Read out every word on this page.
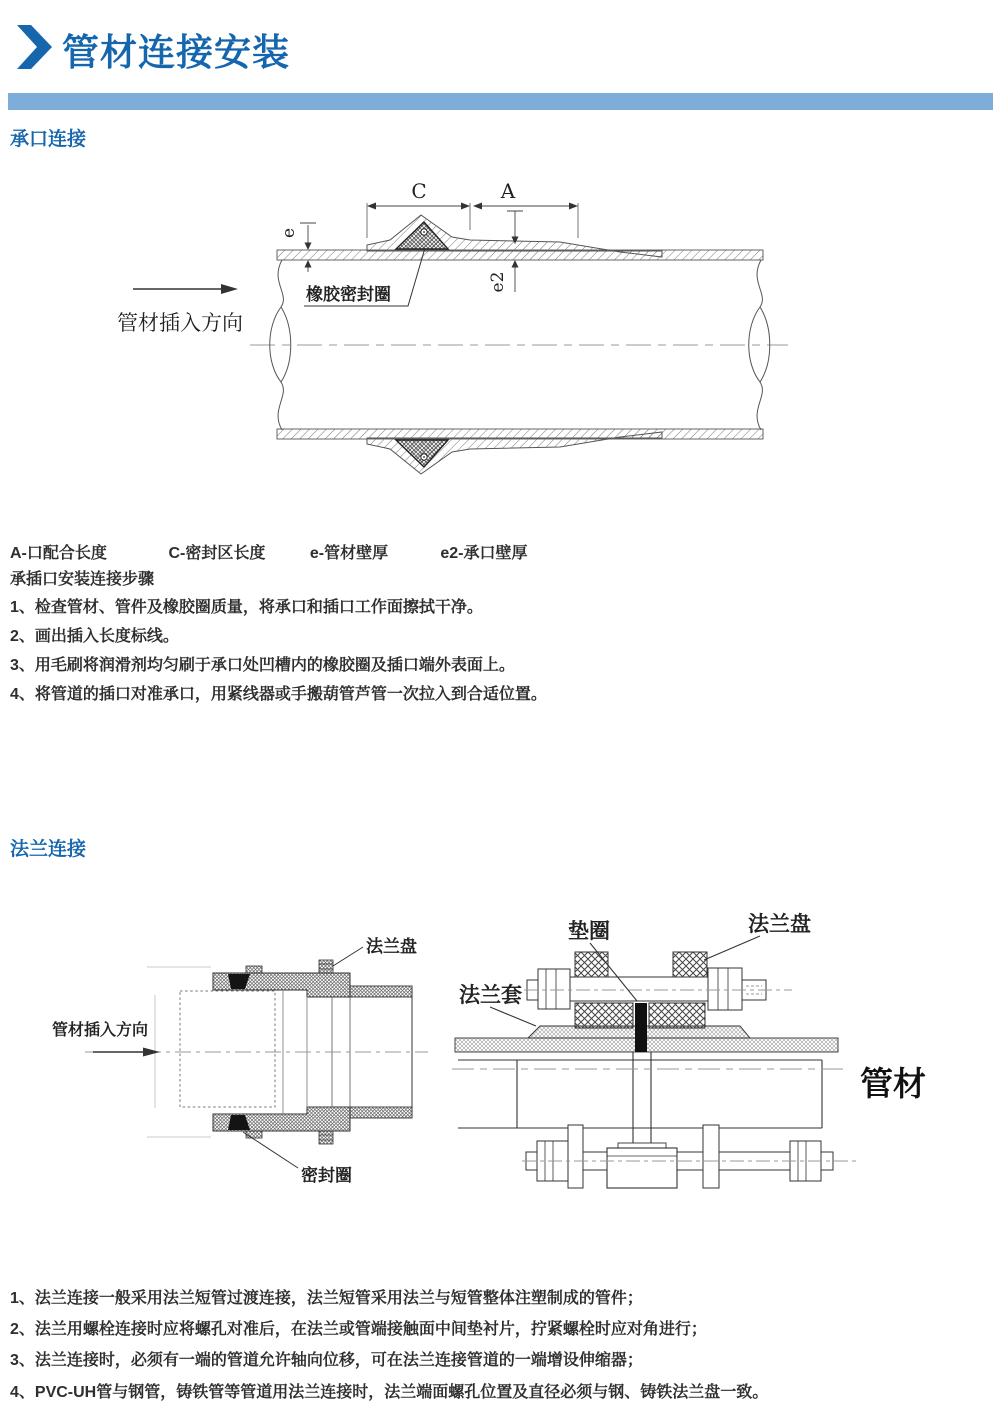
管材连接安装
承口连接
C	A
e
e2
橡胶密封圈
管材插入方向
A-口配合长度	C-密封区长度	e-管材壁厚	e2-承口壁厚
承插口安装连接步骤
1、检查管材、管件及橡胶圈质量，将承口和插口工作面擦拭干净。
2、画出插入长度标线。
3、用毛刷将润滑剂均匀刷于承口处凹槽内的橡胶圈及插口端外表面上。
4、将管道的插口对准承口，用紧线器或手搬葫管芦管一次拉入到合适位置。
法兰连接
管材插入方向
法兰盘
密封圈
垫圈	法兰盘
法兰套
管材
1、法兰连接一般采用法兰短管过渡连接，法兰短管采用法兰与短管整体注塑制成的管件；
2、法兰用螺栓连接时应将螺孔对准后，在法兰或管端接触面中间垫衬片，拧紧螺栓时应对角进行；
3、法兰连接时，必须有一端的管道允许轴向位移，可在法兰连接管道的一端增设伸缩器；
4、PVC-UH管与钢管，铸铁管等管道用法兰连接时，法兰端面螺孔位置及直径必须与钢、铸铁法兰盘一致。
